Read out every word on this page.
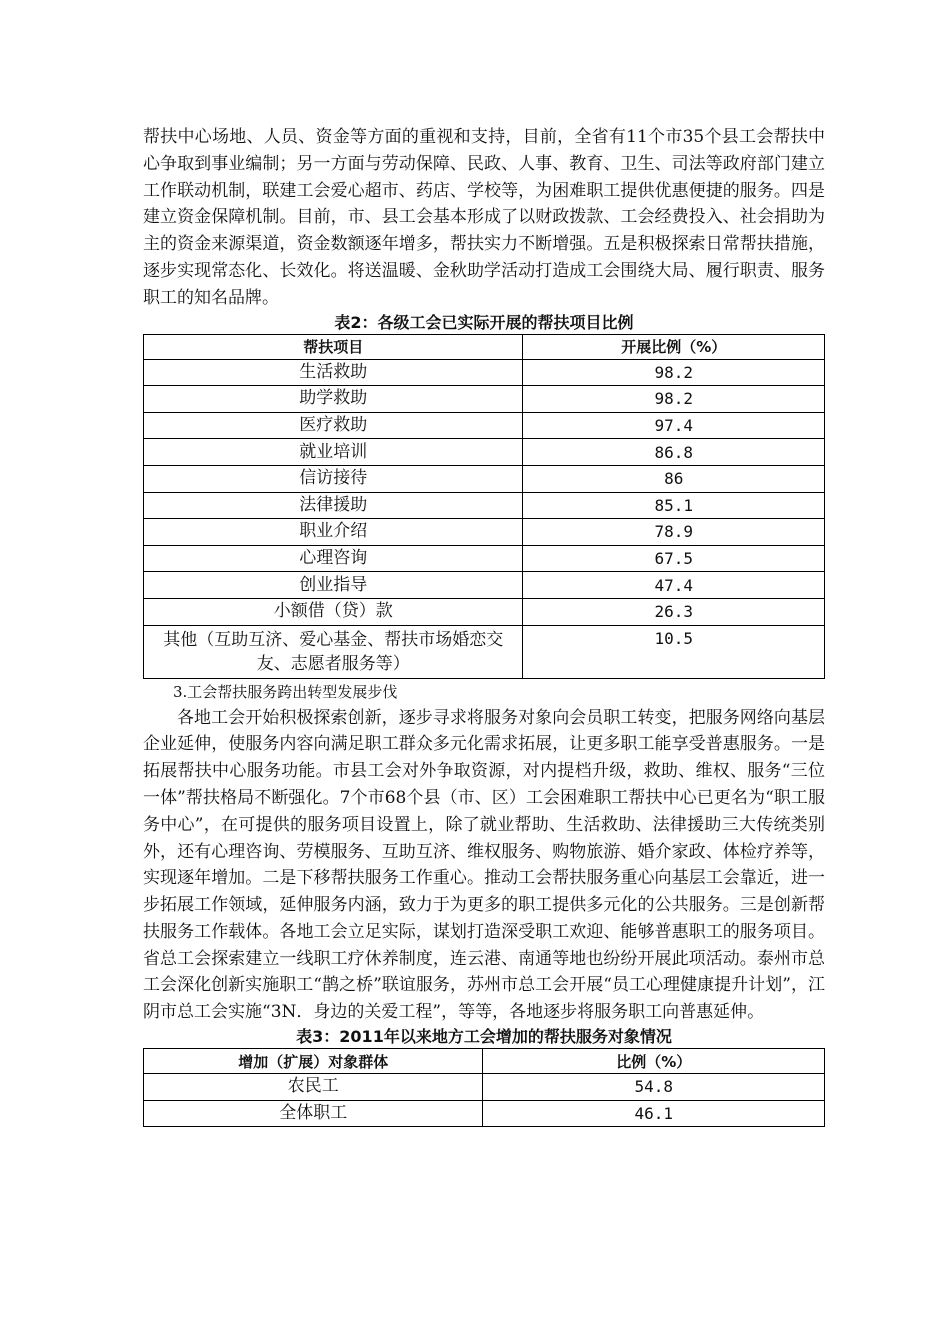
帮扶中心场地、人员、资金等方面的重视和支持，目前，全省有11个市35个县工会帮扶中心争取到事业编制；另一方面与劳动保障、民政、人事、教育、卫生、司法等政府部门建立工作联动机制，联建工会爱心超市、药店、学校等，为困难职工提供优惠便捷的服务。四是建立资金保障机制。目前，市、县工会基本形成了以财政拨款、工会经费投入、社会捐助为主的资金来源渠道，资金数额逐年增多，帮扶实力不断增强。五是积极探索日常帮扶措施，逐步实现常态化、长效化。将送温暖、金秋助学活动打造成工会围绕大局、履行职责、服务职工的知名品牌。

表2：各级工会已实际开展的帮扶项目比例

帮扶项目	开展比例（%）
生活救助	98.2
助学救助	98.2
医疗救助	97.4
就业培训	86.8
信访接待	86
法律援助	85.1
职业介绍	78.9
心理咨询	67.5
创业指导	47.4
小额借（贷）款	26.3
其他（互助互济、爱心基金、帮扶市场婚恋交友、志愿者服务等）	10.5

3.工会帮扶服务跨出转型发展步伐

各地工会开始积极探索创新，逐步寻求将服务对象向会员职工转变，把服务网络向基层企业延伸，使服务内容向满足职工群众多元化需求拓展，让更多职工能享受普惠服务。一是拓展帮扶中心服务功能。市县工会对外争取资源，对内提档升级，救助、维权、服务“三位一体”帮扶格局不断强化。7个市68个县（市、区）工会困难职工帮扶中心已更名为“职工服务中心”，在可提供的服务项目设置上，除了就业帮助、生活救助、法律援助三大传统类别外，还有心理咨询、劳模服务、互助互济、维权服务、购物旅游、婚介家政、体检疗养等，实现逐年增加。二是下移帮扶服务工作重心。推动工会帮扶服务重心向基层工会靠近，进一步拓展工作领域，延伸服务内涵，致力于为更多的职工提供多元化的公共服务。三是创新帮扶服务工作载体。各地工会立足实际，谋划打造深受职工欢迎、能够普惠职工的服务项目。省总工会探索建立一线职工疗休养制度，连云港、南通等地也纷纷开展此项活动。泰州市总工会深化创新实施职工“鹊之桥”联谊服务，苏州市总工会开展“员工心理健康提升计划”，江阴市总工会实施“3N．身边的关爱工程”，等等，各地逐步将服务职工向普惠延伸。

表3：2011年以来地方工会增加的帮扶服务对象情况

增加（扩展）对象群体	比例（%）
农民工	54.8
全体职工	46.1
